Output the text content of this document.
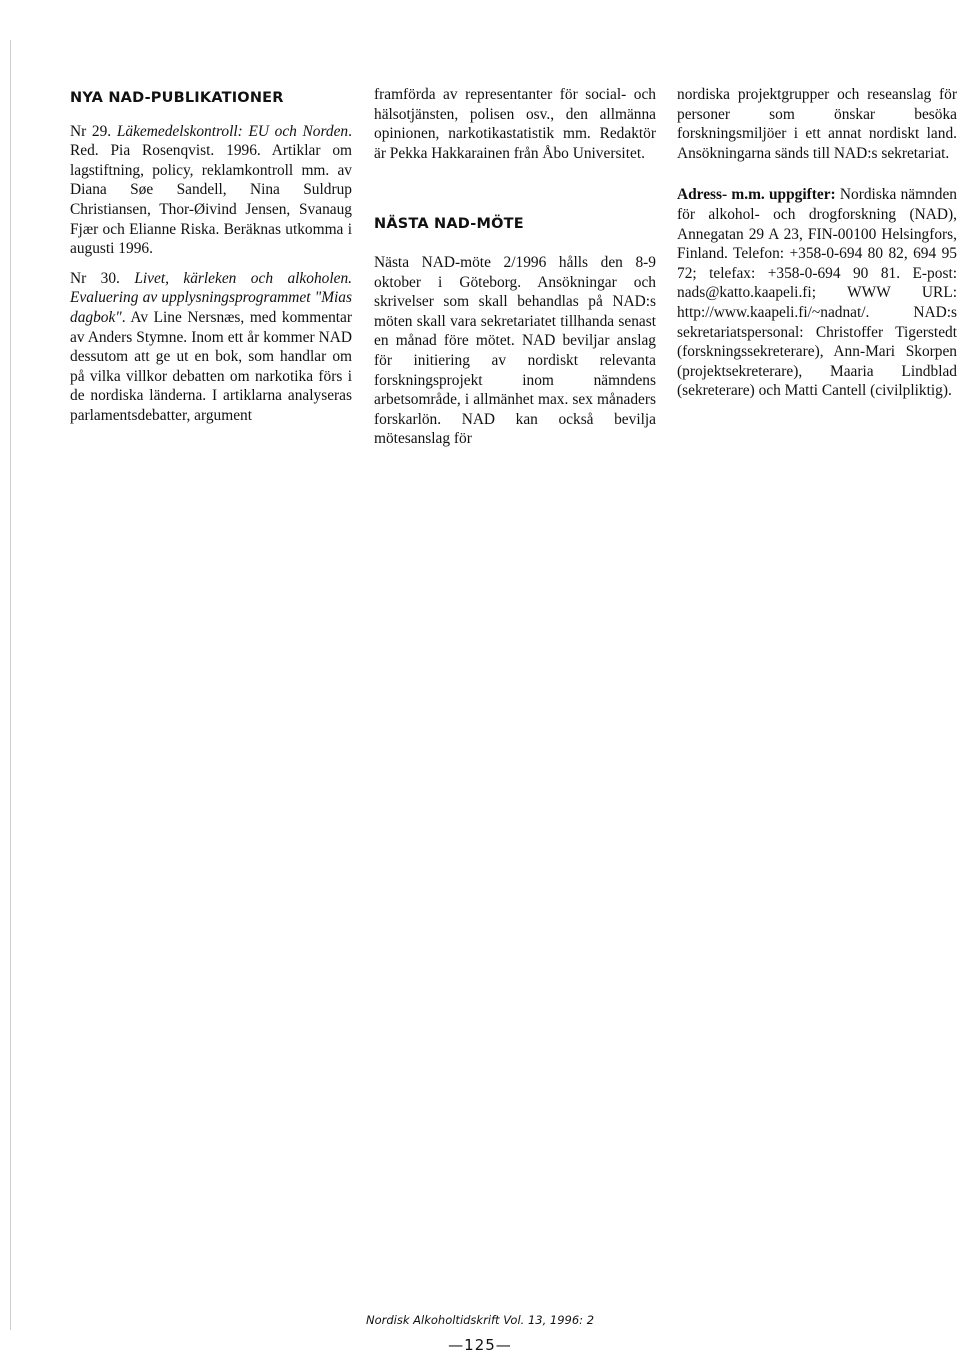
NYA NAD-PUBLIKATIONER

Nr 29. Läkemedelskontroll: EU och Norden. Red. Pia Rosenqvist. 1996. Artiklar om lagstiftning, policy, reklamkontroll mm. av Diana Søe Sandell, Nina Suldrup Christiansen, Thor-Øivind Jensen, Svanaug Fjær och Elianne Riska. Beräknas utkomma i augusti 1996.

Nr 30. Livet, kärleken och alkoholen. Evaluering av upplysningsprogrammet "Mias dagbok". Av Line Nersnæs, med kommentar av Anders Stymne. Inom ett år kommer NAD dessutom att ge ut en bok, som handlar om på vilka villkor debatten om narkotika förs i de nordiska länderna. I artiklarna analyseras parlamentsdebatter, argument

framförda av representanter för social- och hälsotjänsten, polisen osv., den allmänna opinionen, narkotikastatistik mm. Redaktör är Pekka Hakkarainen från Åbo Universitet.

NÄSTA NAD-MÖTE

Nästa NAD-möte 2/1996 hålls den 8-9 oktober i Göteborg. Ansökningar och skrivelser som skall behandlas på NAD:s möten skall vara sekretariatet tillhanda senast en månad före mötet. NAD beviljar anslag för initiering av nordiskt relevanta forskningsprojekt inom nämndens arbetsområde, i allmänhet max. sex månaders forskarlön. NAD kan också bevilja mötesanslag för

nordiska projektgrupper och reseanslag för personer som önskar besöka forskningsmiljöer i ett annat nordiskt land. Ansökningarna sänds till NAD:s sekretariat.

Adress- m.m. uppgifter: Nordiska nämnden för alkohol- och drogforskning (NAD), Annegatan 29 A 23, FIN-00100 Helsingfors, Finland. Telefon: +358-0-694 80 82, 694 95 72; telefax: +358-0-694 90 81. E-post: nads@katto.kaapeli.fi; WWW URL: http://www.kaapeli.fi/~nadnat/. NAD:s sekretariatspersonal: Christoffer Tigerstedt (forskningssekreterare), Ann-Mari Skorpen (projektsekreterare), Maaria Lindblad (sekreterare) och Matti Cantell (civilpliktig).

Nordisk Alkoholtidskrift Vol. 13, 1996: 2
—125—
